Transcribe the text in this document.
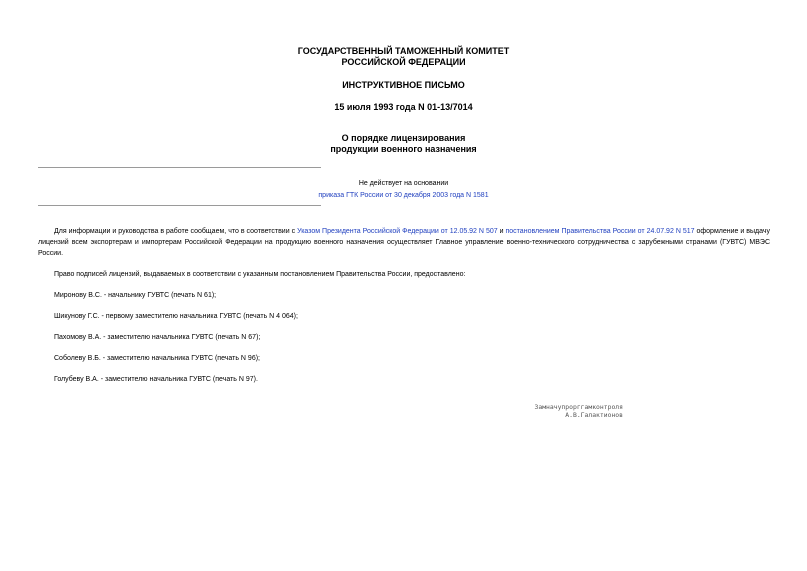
ГОСУДАРСТВЕННЫЙ ТАМОЖЕННЫЙ КОМИТЕТ
РОССИЙСКОЙ ФЕДЕРАЦИИ
ИНСТРУКТИВНОЕ ПИСЬМО
15 июля 1993 года N 01-13/7014
О порядке лицензирования
продукции военного назначения
Не действует на основании
приказа ГТК России от 30 декабря 2003 года N 1581
Для информации и руководства в работе сообщаем, что в соответствии с Указом Президента Российской Федерации от 12.05.92 N 507 и постановлением Правительства России от 24.07.92 N 517 оформление и выдачу лицензий всем экспортерам и импортерам Российской Федерации на продукцию военного назначения осуществляет Главное управление военно-технического сотрудничества с зарубежными странами (ГУВТС) МВЭС России.
Право подписей лицензий, выдаваемых в соответствии с указанным постановлением Правительства России, предоставлено:
Миронову В.С. - начальнику ГУВТС (печать N 61);
Шикунову Г.С. - первому заместителю начальника ГУВТС (печать N 4 064);
Пахомову В.А. - заместителю начальника ГУВТС (печать N 67);
Соболеву В.Б. - заместителю начальника ГУВТС (печать N 96);
Голубеву В.А. - заместителю начальника ГУВТС (печать N 97).
Замначупрорггамконтроля
А.В.Галактионов
